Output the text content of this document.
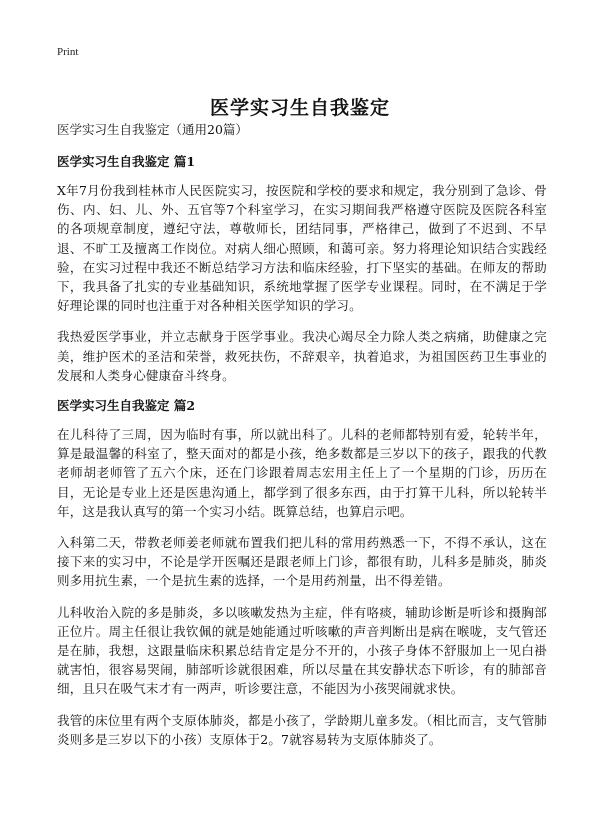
Print
医学实习生自我鉴定

医学实习生自我鉴定（通用20篇）

医学实习生自我鉴定 篇1

X年7月份我到桂林市人民医院实习，按医院和学校的要求和规定，我分别到了急诊、骨伤、内、妇、儿、外、五官等7个科室学习，在实习期间我严格遵守医院及医院各科室的各项规章制度，遵纪守法，尊敬师长，团结同事，严格律己，做到了不迟到、不早退、不旷工及擅离工作岗位。对病人细心照顾，和蔼可亲。努力将理论知识结合实践经验，在实习过程中我还不断总结学习方法和临床经验，打下坚实的基础。在师友的帮助下，我具备了扎实的专业基础知识，系统地掌握了医学专业课程。同时，在不满足于学好理论课的同时也注重于对各种相关医学知识的学习。

我热爱医学事业，并立志献身于医学事业。我决心竭尽全力除人类之病痛，助健康之完美，维护医术的圣洁和荣誉，救死扶伤，不辞艰辛，执着追求，为祖国医药卫生事业的发展和人类身心健康奋斗终身。

医学实习生自我鉴定 篇2

在儿科待了三周，因为临时有事，所以就出科了。儿科的老师都特别有爱，轮转半年，算是最温馨的科室了，整天面对的都是小孩，绝多数都是三岁以下的孩子，跟我的代教老师胡老师管了五六个床，还在门诊跟着周志宏用主任上了一个星期的门诊，历历在目，无论是专业上还是医患沟通上，都学到了很多东西，由于打算干儿科，所以轮转半年，这是我认真写的第一个实习小结。既算总结，也算启示吧。

入科第二天，带教老师姜老师就布置我们把儿科的常用药熟悉一下，不得不承认，这在接下来的实习中，不论是学开医嘱还是跟老师上门诊，都很有助，儿科多是肺炎，肺炎则多用抗生素，一个是抗生素的选择，一个是用药剂量，出不得差错。

儿科收治入院的多是肺炎，多以咳嗽发热为主症，伴有咯痰，辅助诊断是听诊和摄胸部正位片。周主任很让我钦佩的就是她能通过听咳嗽的声音判断出是病在喉咙，支气管还是在肺，我想，这跟量临床积累总结肯定是分不开的，小孩子身体不舒服加上一见白褂就害怕，很容易哭闹，肺部听诊就很困难，所以尽量在其安静状态下听诊，有的肺部音细，且只在吸气末才有一两声，听诊要注意，不能因为小孩哭闹就求快。

我管的床位里有两个支原体肺炎，都是小孩了，学龄期儿童多发。（相比而言，支气管肺炎则多是三岁以下的小孩）支原体于2。7就容易转为支原体肺炎了。
